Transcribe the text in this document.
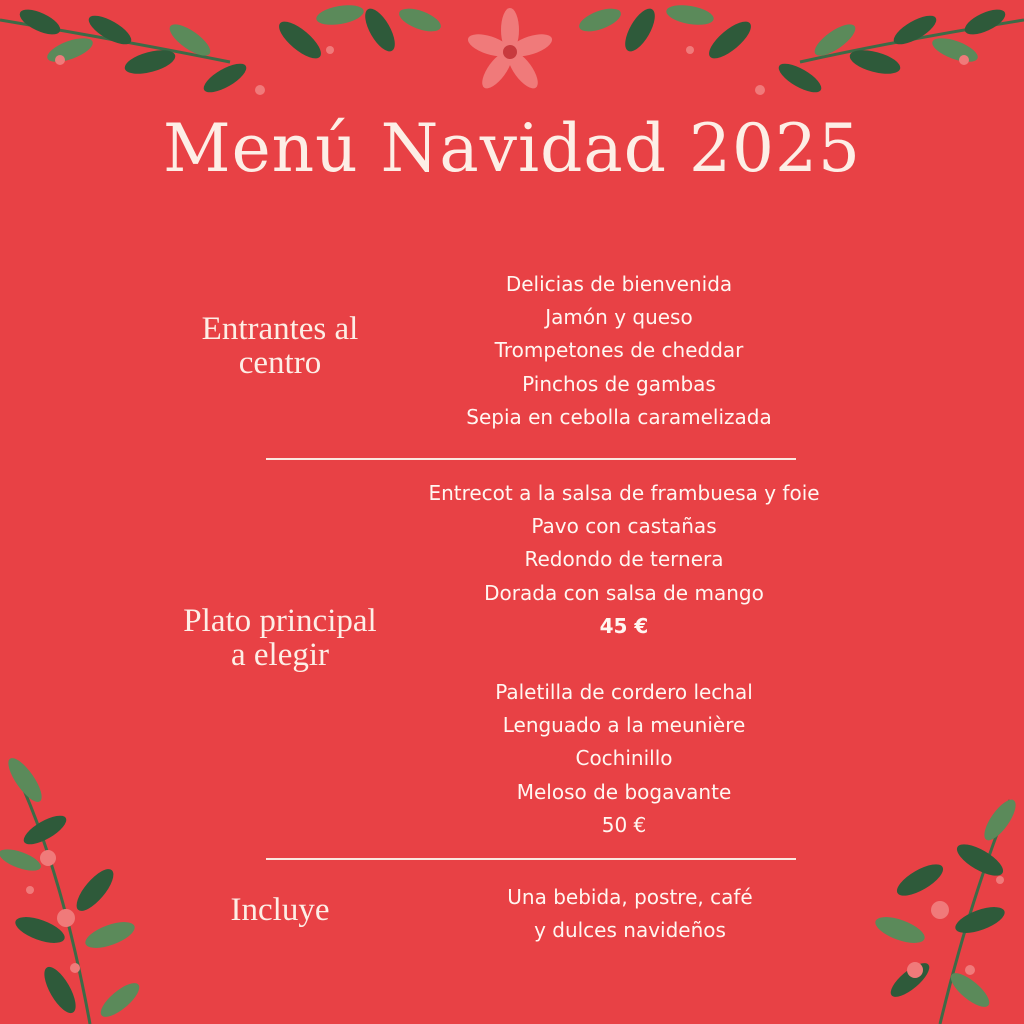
Menú Navidad 2025
Entrantes al
centro
Delicias de bienvenida
Jamón y queso
Trompetones de cheddar
Pinchos de gambas
Sepia en cebolla caramelizada
Plato principal
a elegir
Entrecot a la salsa de frambuesa y foie
Pavo con castañas
Redondo de ternera
Dorada con salsa de mango
45 €
Paletilla de cordero lechal
Lenguado a la meunière
Cochinillo
Meloso de bogavante
50 €
Incluye	Una bebida, postre, café
y dulces navideños
